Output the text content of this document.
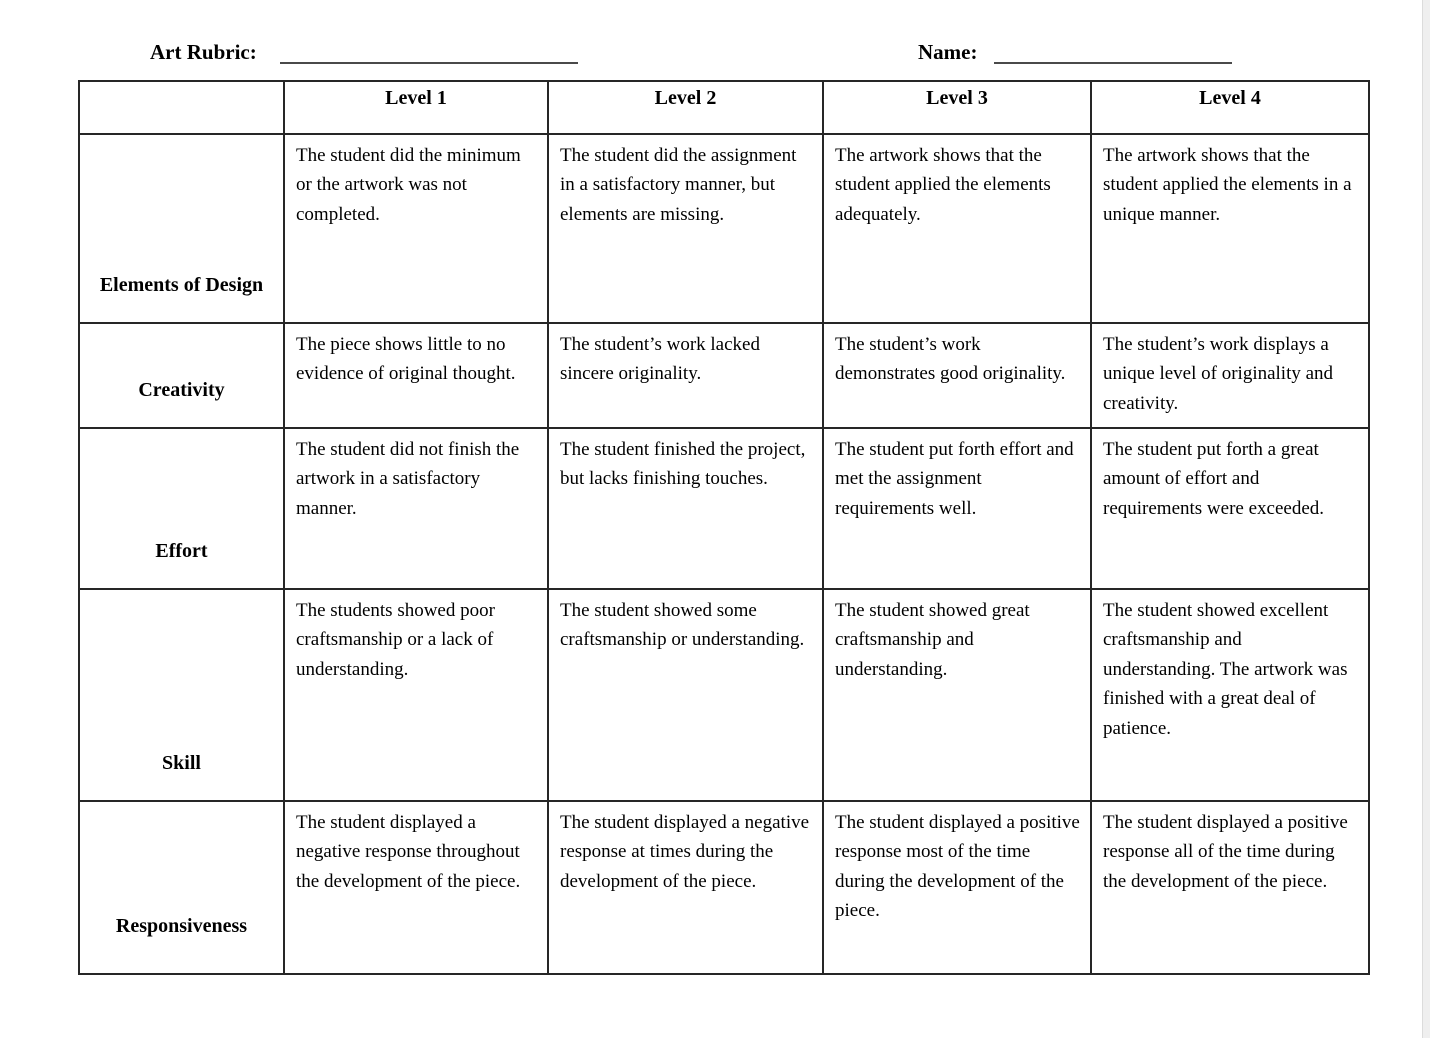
Art Rubric:	Name:
	Level 1	Level 2	Level 3	Level 4
Elements of Design	The student did the minimum or the artwork was not completed.	The student did the assignment in a satisfactory manner, but elements are missing.	The artwork shows that the student applied the elements adequately.	The artwork shows that the student applied the elements in a unique manner.
Creativity	The piece shows little to no evidence of original thought.	The student’s work lacked sincere originality.	The student’s work demonstrates good originality.	The student’s work displays a unique level of originality and creativity.
Effort	The student did not finish the artwork in a satisfactory manner.	The student finished the project, but lacks finishing touches.	The student put forth effort and met the assignment requirements well.	The student put forth a great amount of effort and requirements were exceeded.
Skill	The students showed poor craftsmanship or a lack of understanding.	The student showed some craftsmanship or understanding.	The student showed great craftsmanship and understanding.	The student showed excellent craftsmanship and understanding. The artwork was finished with a great deal of patience.
Responsiveness	The student displayed a negative response throughout the development of the piece.	The student displayed a negative response at times during the development of the piece.	The student displayed a positive response most of the time during the development of the piece.	The student displayed a positive response all of the time during the development of the piece.
